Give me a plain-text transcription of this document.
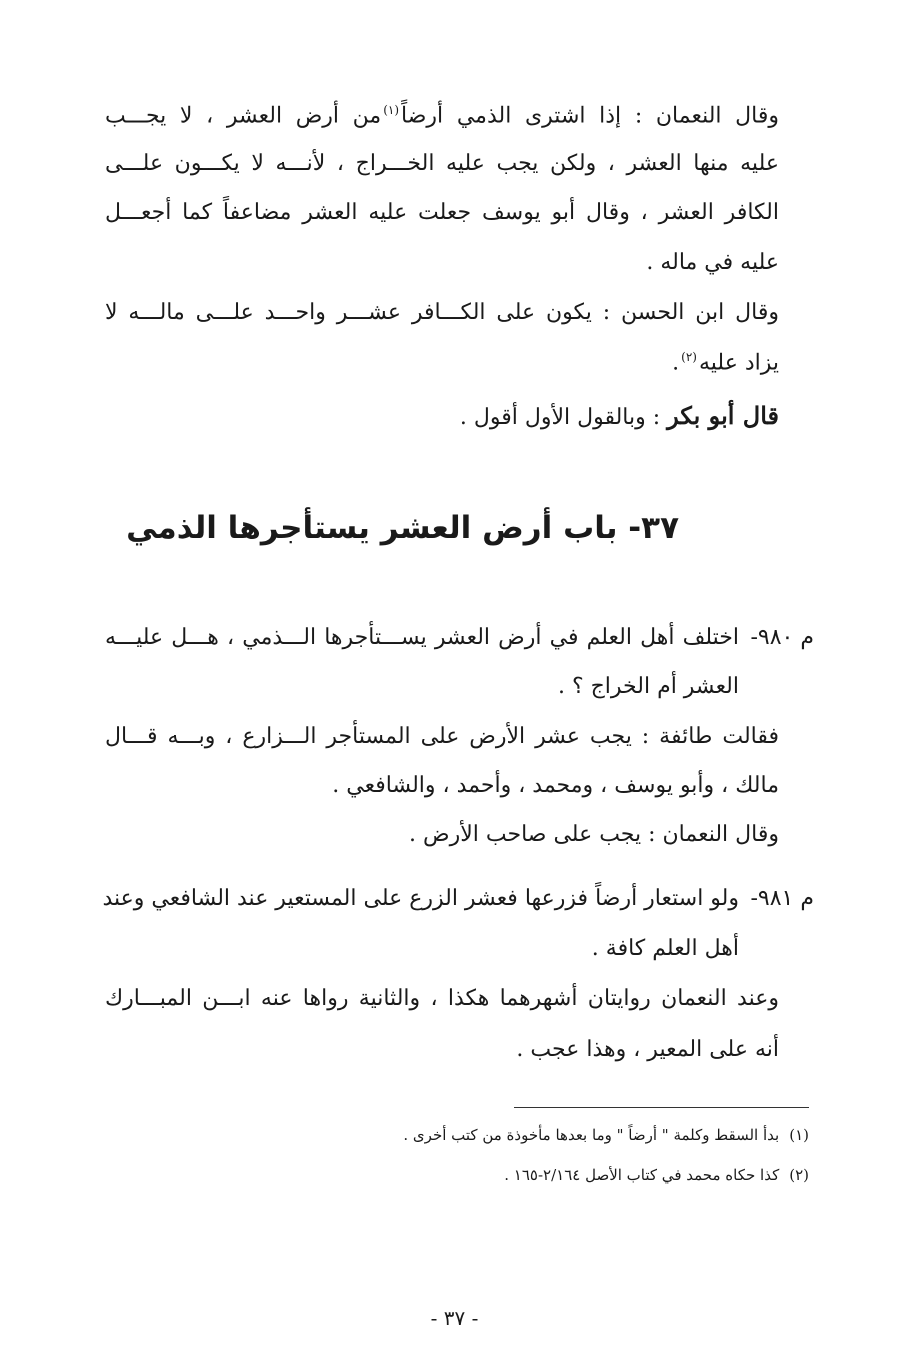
وقال النعمان : إذا اشترى الذمي أرضاً$^{(١)}$من أرض العشر ، لا يجـــب
عليه منها العشر ، ولكن يجب عليه الخـــراج ، لأنـــه لا يكـــون علـــى
الكافر العشر ، وقال أبو يوسف جعلت عليه العشر مضاعفاً كما أجعـــل
عليه في ماله .
وقال ابن الحسن : يكون على الكـــافر عشـــر واحـــد علـــى مالـــه لا
يزاد عليه$^{(٢)}$.
قال أبو بكر : وبالقول الأول أقول .
٣٧- باب أرض العشر يستأجرها الذمي
م ٩٨٠-
اختلف أهل العلم في أرض العشر يســـتأجرها الـــذمي ، هـــل عليـــه
العشر أم الخراج ؟ .
فقالت طائفة : يجب عشر الأرض على المستأجر الـــزارع ، وبـــه قـــال
مالك ، وأبو يوسف ، ومحمد ، وأحمد ، والشافعي .
وقال النعمان : يجب على صاحب الأرض .
م ٩٨١-
ولو استعار أرضاً فزرعها فعشر الزرع على المستعير عند الشافعي وعند
أهل العلم كافة .
وعند النعمان روايتان أشهرهما هكذا ، والثانية رواها عنه ابـــن المبـــارك
أنه على المعير ، وهذا عجب .
(١)بدأ السقط وكلمة " أرضاً " وما بعدها مأخوذة من كتب أخرى .
(٢)كذا حكاه محمد في كتاب الأصل ٢/١٦٤-١٦٥ .
- ٣٧ -
